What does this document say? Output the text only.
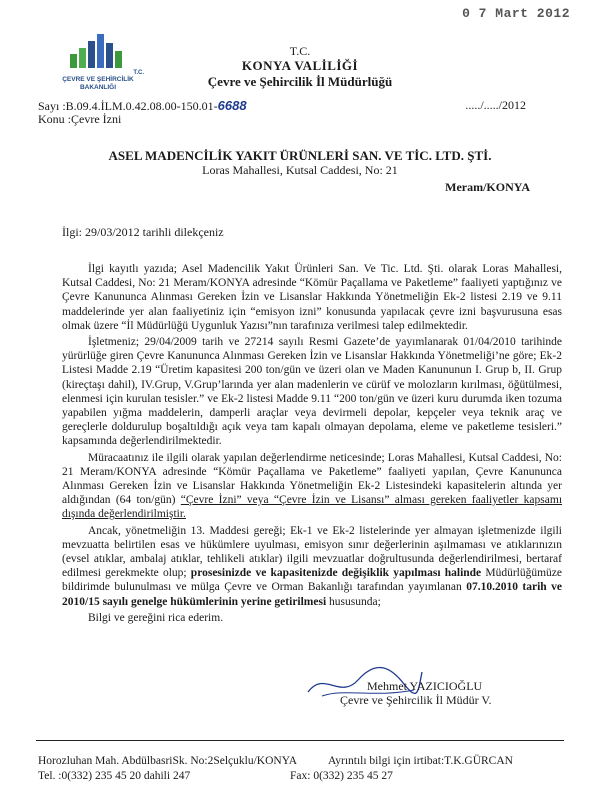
0 7 Mart 2012
T.C.
ÇEVRE VE ŞEHİRCİLİK
BAKANLIĞI
T.C.
KONYA VALİLİĞİ
Çevre ve Şehircilik İl Müdürlüğü
Sayı :B.09.4.İLM.0.42.08.00-150.01-6688	...../...../2012
Konu :Çevre İzni
ASEL MADENCİLİK YAKIT ÜRÜNLERİ SAN. VE TİC. LTD. ŞTİ.
Loras Mahallesi, Kutsal Caddesi, No: 21
Meram/KONYA
İlgi: 29/03/2012 tarihli dilekçeniz

İlgi kayıtlı yazıda; Asel Madencilik Yakıt Ürünleri San. Ve Tic. Ltd. Şti. olarak Loras Mahallesi, Kutsal Caddesi, No: 21 Meram/KONYA adresinde “Kömür Paçallama ve Paketleme” faaliyeti yaptığınız ve Çevre Kanununca Alınması Gereken İzin ve Lisanslar Hakkında Yönetmeliğin Ek-2 listesi 2.19 ve 9.11 maddelerinde yer alan faaliyetiniz için “emisyon izni” konusunda yapılacak çevre izni başvurusuna esas olmak üzere “İl Müdürlüğü Uygunluk Yazısı”nın tarafınıza verilmesi talep edilmektedir.

İşletmeniz; 29/04/2009 tarih ve 27214 sayılı Resmi Gazete’de yayımlanarak 01/04/2010 tarihinde yürürlüğe giren Çevre Kanununca Alınması Gereken İzin ve Lisanslar Hakkında Yönetmeliği’ne göre; Ek-2 Listesi Madde 2.19 “Üretim kapasitesi 200 ton/gün ve üzeri olan ve Maden Kanununun I. Grup b, II. Grup (kireçtaşı dahil), IV.Grup, V.Grup’larında yer alan madenlerin ve cürüf ve molozların kırılması, öğütülmesi, elenmesi için kurulan tesisler.” ve Ek-2 listesi Madde 9.11 “200 ton/gün ve üzeri kuru durumda iken tozuma yapabilen yığma maddelerin, damperli araçlar veya devirmeli depolar, kepçeler veya teknik araç ve gereçlerle doldurulup boşaltıldığı açık veya tam kapalı olmayan depolama, eleme ve paketleme tesisleri.” kapsamında değerlendirilmektedir.

Müracaatınız ile ilgili olarak yapılan değerlendirme neticesinde; Loras Mahallesi, Kutsal Caddesi, No: 21 Meram/KONYA adresinde “Kömür Paçallama ve Paketleme” faaliyeti yapılan, Çevre Kanununca Alınması Gereken İzin ve Lisanslar Hakkında Yönetmeliğin Ek-2 Listesindeki kapasitelerin altında yer aldığından (64 ton/gün) “Çevre İzni” veya “Çevre İzin ve Lisansı” alması gereken faaliyetler kapsamı dışında değerlendirilmiştir.

Ancak, yönetmeliğin 13. Maddesi gereği; Ek-1 ve Ek-2 listelerinde yer almayan işletmenizde ilgili mevzuatta belirtilen esas ve hükümlere uyulması, emisyon sınır değerlerinin aşılmaması ve atıklarınızın (evsel atıklar, ambalaj atıklar, tehlikeli atıklar) ilgili mevzuatlar doğrultusunda değerlendirilmesi, bertaraf edilmesi gerekmekte olup; prosesinizde ve kapasitenizde değişiklik yapılması halinde Müdürlüğümüze bildirimde bulunulması ve mülga Çevre ve Orman Bakanlığı tarafından yayımlanan 07.10.2010 tarih ve 2010/15 sayılı genelge hükümlerinin yerine getirilmesi hususunda;

Bilgi ve gereğini rica ederim.

Mehmet YAZICIOĞLU
Çevre ve Şehircilik İl Müdür V.
Horozluhan Mah. AbdülbasriSk. No:2Selçuklu/KONYA	Ayrıntılı bilgi için irtibat:T.K.GÜRCAN
Tel. :0(332) 235 45 20 dahili 247	Fax: 0(332) 235 45 27
